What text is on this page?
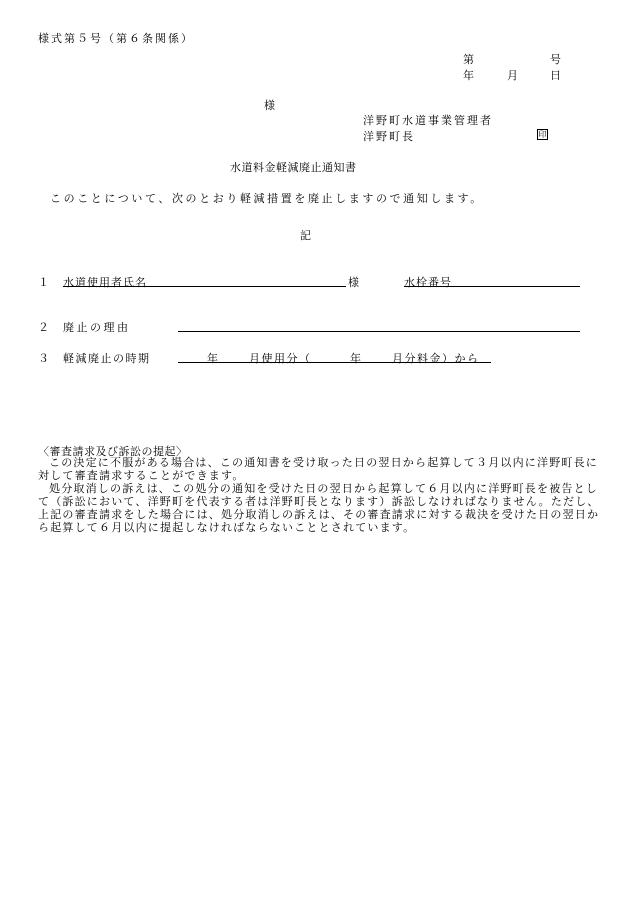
様式第５号（第６条関係）
第	号
年	月	日
様
洋野町水道事業管理者
洋野町長	印
水道料金軽減廃止通知書
このことについて、次のとおり軽減措置を廃止しますので通知します。
記
１ 水道使用者氏名	様	水栓番号
２ 廃止の理由
３ 軽減廃止の時期	年	月使用分（	年	月分料金）から
〈審査請求及び訴訟の提起〉

この決定に不服がある場合は、この通知書を受け取った日の翌日から起算して３月以内に洋野町長に対して審査請求することができます。

処分取消しの訴えは、この処分の通知を受けた日の翌日から起算して６月以内に洋野町長を被告として（訴訟において、洋野町を代表する者は洋野町長となります）訴訟しなければなりません。ただし、上記の審査請求をした場合には、処分取消しの訴えは、その審査請求に対する裁決を受けた日の翌日から起算して６月以内に提起しなければならないこととされています。
